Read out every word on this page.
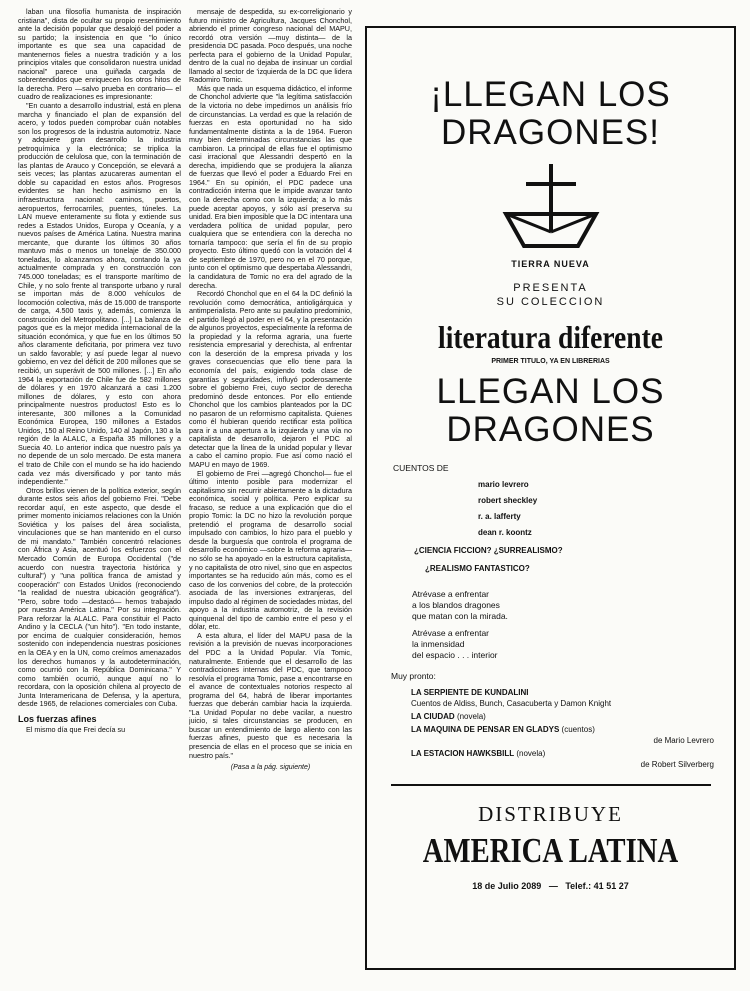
laban una filosofía humanista de inspiración cristiana", dista de ocultar su propio resentimiento ante la decisión popular que desalojó del poder a su partido; la insistencia en que "lo único importante es que sea una capacidad de mantenernos fieles a nuestra tradición y a los principios vitales que consolidaron nuestra unidad nacional" parece una guiñada cargada de sobrentendidos que enriquecen los otros hitos de la derecha. Pero —salvo prueba en contrario— el cuadro de realizaciones es impresionante:

"En cuanto a desarrollo industrial, está en plena marcha y financiado el plan de expansión del acero, y todos pueden comprobar cuán notables son los progresos de la industria automotriz. Nace y adquiere gran desarrollo la industria petroquímica y la electrónica; se triplica la producción de celulosa que, con la terminación de las plantas de Arauco y Concepción, se elevará a seis veces; las plantas azucareras aumentan el doble su capacidad en estos años. Progresos evidentes se han hecho asimismo en la infraestructura nacional: caminos, puertos, aeropuertos, ferrocarriles, puentes, túneles. La LAN mueve enteramente su flota y extiende sus redes a Estados Unidos, Europa y Oceanía, y a nuevos países de América Latina. Nuestra marina mercante, que durante los últimos 30 años mantuvo más o menos un tonelaje de 350.000 toneladas, lo alcanzamos ahora, contando la ya actualmente comprada y en construcción con 745.000 toneladas; es el transporte marítimo de Chile, y no solo frente al transporte urbano y rural se importan más de 8.000 vehículos de locomoción colectiva, más de 15.000 de transporte de carga, 4.500 taxis y, además, comienza la construcción del Metropolitano. [...] La balanza de pagos que es la mejor medida internacional de la situación económica, y que fue en los últimos 50 años claramente deficitaria, por primera vez tuvo un saldo favorable; y así puede legar al nuevo gobierno, en vez del déficit de 200 millones que se recibió, un superávit de 500 millones. [...] En año 1964 la exportación de Chile fue de 582 millones de dólares y en 1970 alcanzará a casi 1.200 millones de dólares, y esto con ahora principalmente nuestros productos! Esto es lo interesante, 300 millones a la Comunidad Económica Europea, 190 millones a Estados Unidos, 150 al Reino Unido, 140 al Japón, 130 a la región de la ALALC, a España 35 millones y a Suecia 40. Lo anterior indica que nuestro país ya no depende de un solo mercado. De esta manera el trato de Chile con el mundo se ha ido haciendo cada vez más diversificado y por tanto más independiente."

Otros brillos vienen de la política exterior, según durante estos seis años del gobierno Frei. "Debe recordar aquí, en este aspecto, que desde el primer momento iniciamos relaciones con la Unión Soviética y los países del área socialista, vinculaciones que se han mantenido en el curso de mi mandato." También concentró relaciones con África y Asia, acentuó los esfuerzos con el Mercado Común de Europa Occidental ("de acuerdo con nuestra trayectoria histórica y cultural") y "una política franca de amistad y cooperación" con Estados Unidos (reconociendo "la realidad de nuestra ubicación geográfica"). "Pero, sobre todo —destacó— hemos trabajado por nuestra América Latina." Por su integración. Para reforzar la ALALC. Para constituir el Pacto Andino y la CECLA ("un hito"). "En todo instante, por encima de cualquier consideración, hemos sostenido con independencia nuestras posiciones en la OEA y en la UN, como creímos amenazados los derechos humanos y la autodeterminación, como ocurrió con la República Dominicana." Y como también ocurrió, aunque aquí no lo recordara, con la oposición chilena al proyecto de Junta Interamericana de Defensa, y la apertura, desde 1965, de relaciones comerciales con Cuba.

Los fuerzas afines

El mismo día que Frei decía su

mensaje de despedida, su ex-correligionario y futuro ministro de Agricultura, Jacques Chonchol, abriendo el primer congreso nacional del MAPU, recordó otra versión —muy distinta— de la presidencia DC pasada. Poco después, una noche perfecta para el gobierno de la Unidad Popular, dentro de la cual no dejaba de insinuar un cordial llamado al sector de 'izquierda de la DC que lidera Radomiro Tomic.

Más que nada un esquema didáctico, el informe de Chonchol advierte que "la legítima satisfacción de la victoria no debe impedirnos un análisis frío de circunstancias. La verdad es que la relación de fuerzas en esta oportunidad no ha sido fundamentalmente distinta a la de 1964. Fueron muy bien determinadas circunstancias las que cambiaron. La principal de ellas fue el optimismo casi irracional que Alessandri despertó en la derecha, impidiendo que se produjera la alianza de fuerzas que llevó el poder a Eduardo Frei en 1964." En su opinión, el PDC padece una contradicción interna que le impide avanzar tanto con la derecha como con la izquierda; a lo más puede aceptar apoyos, y sólo así preserva su unidad. Era bien imposible que la DC intentara una verdadera política de unidad popular, pero cualquiera que se entendiera con la derecha no tornaría tampoco: que sería el fin de su propio proyecto. Esto último quedó con la votación del 4 de septiembre de 1970, pero no en el 70 porque, junto con el optimismo que despertaba Alessandri, la candidatura de Tomic no era del agrado de la derecha.

Recordó Chonchol que en el 64 la DC definió la revolución como democrática, antioligárquica y antimperialista. Pero ante su paulatino predominio, el partido llegó al poder en el 64, y la presentación de algunos proyectos, especialmente la reforma de la propiedad y la reforma agraria, una fuerte resistencia empresarial y derechista, al enfrentar con la deserción de la empresa privada y los graves consecuencias que ello tiene para la economía del país, exigiendo toda clase de garantías y seguridades, influyó poderosamente sobre el gobierno Frei, cuyo sector de derecha predominó desde entonces. Por ello entiende Chonchol que los cambios planteados por la DC no pasaron de un reformismo capitalista. Quienes como él hubieran querido rectificar esta política para ir a una apertura a la izquierda y una vía no capitalista de desarrollo, dejaron el PDC al detectar que la línea de la unidad popular y llevar a cabo el camino propio. Fue así como nació el MAPU en mayo de 1969.

El gobierno de Frei —agregó Chonchol— fue el último intento posible para modernizar el capitalismo sin recurrir abiertamente a la dictadura económica, social y política. Pero explicar su fracaso, se reduce a una explicación que dio el propio Tomic: la DC no hizo la revolución porque pretendió el programa de desarrollo social impulsado con cambios, lo hizo para el pueblo y desde la burguesía que controla el programa de desarrollo económico —sobre la reforma agraria— no sólo se ha apoyado en la estructura capitalista, y no capitalista de otro nivel, sino que en aspectos importantes se ha reducido aún más, como es el caso de los convenios del cobre, de la protección asociada de las inversiones extranjeras, del impulso dado al régimen de sociedades mixtas, del apoyo a la industria automotriz, de la revisión quinquenal del tipo de cambio entre el peso y el dólar, etc.

A esta altura, el líder del MAPU pasa de la revisión a la previsión de nuevas incorporaciones del PDC a la Unidad Popular. Vía Tomic, naturalmente. Entiende que el desarrollo de las contradicciones internas del PDC, que tampoco resolvía el programa Tomic, pase a encontrarse en el avance de contextuales notorios respecto al programa del 64, habrá de liberar importantes fuerzas que deberán cambiar hacia la izquierda. "La Unidad Popular no debe vacilar, a nuestro juicio, si tales circunstancias se producen, en buscar un entendimiento de largo aliento con las fuerzas afines, puesto que es necesaria la presencia de ellas en el proceso que se inicia en nuestro país."

(Pasa a la pág. siguiente)
¡LLEGAN LOS DRAGONES!
TIERRA NUEVA
PRESENTA
SU COLECCION
literatura diferente
PRIMER TITULO, YA EN LIBRERIAS
LLEGAN LOS DRAGONES
CUENTOS DE
mario levrero
robert sheckley
r. a. lafferty
dean r. koontz
¿CIENCIA FICCION? ¿SURREALISMO?
¿REALISMO FANTASTICO?
Atrévase a enfrentar
a los blandos dragones
que matan con la mirada.
Atrévase a enfrentar
la inmensidad
del espacio . . . interior
Muy pronto:
LA SERPIENTE DE KUNDALINI
Cuentos de Aldiss, Bunch, Casacuberta y Damon Knight
LA CIUDAD (novela)
LA MAQUINA DE PENSAR EN GLADYS (cuentos)
de Mario Levrero
LA ESTACION HAWKSBILL (novela)
de Robert Silverberg
DISTRIBUYE
AMERICA LATINA
18 de Julio 2089 — Telef.: 41 51 27
